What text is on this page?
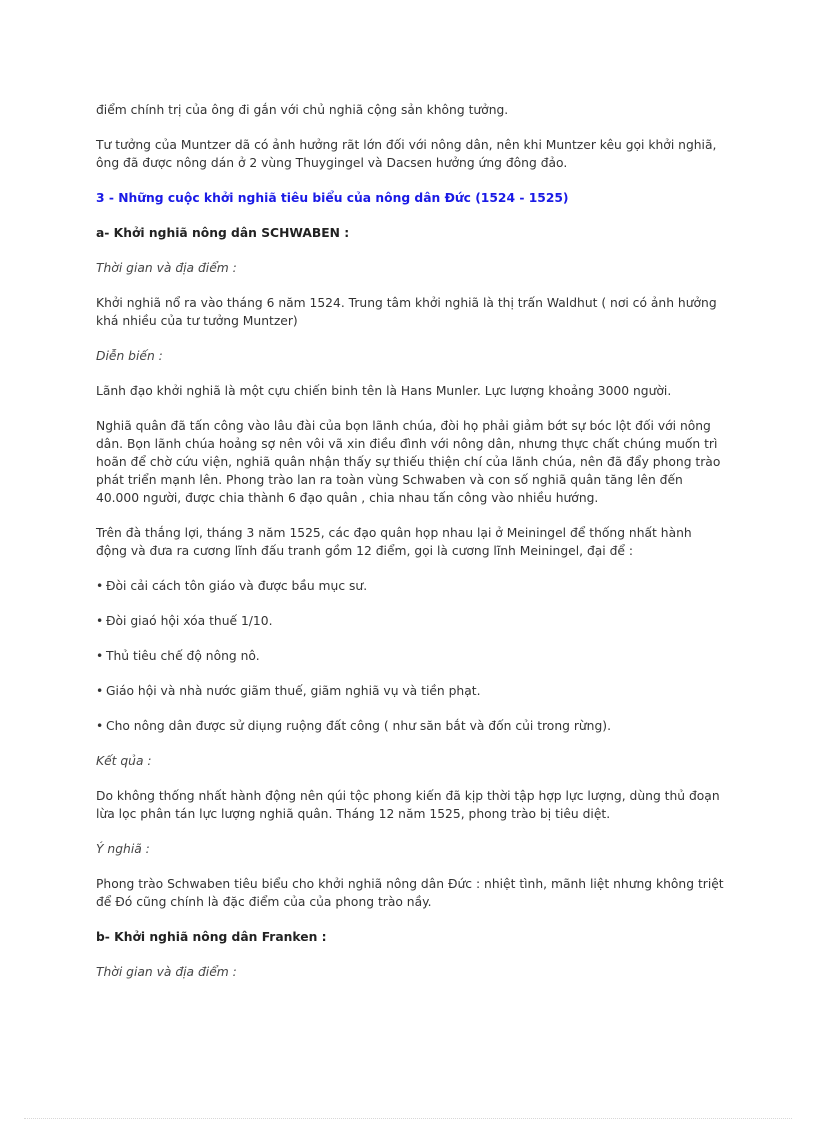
điểm chính trị của ông đi gắn với chủ nghiã cộng sản không tưởng.

Tư tưởng của Muntzer dã có ảnh hưởng rãt lớn đối với nông dân, nên khi Muntzer kêu gọi khởi nghiã, ông đã được nông dán ở 2 vùng Thuygingel và Dacsen hưởng ứng đông đảo.

3 - Những cuộc khởi nghiã tiêu biểu của nông dân Đức (1524 - 1525)

a- Khởi nghiã nông dân SCHWABEN :

Thời gian và địa điểm :

Khởi nghiã nổ ra vào tháng 6 năm 1524. Trung tâm khởi nghiã là thị trấn Waldhut ( nơi có ảnh hưởng khá nhiều của tư tưởng Muntzer)

Diễn biến :

Lãnh đạo khởi nghiã là một cựu chiến binh tên là Hans Munler. Lực lượng khoảng 3000 người.

Nghiã quân đã tấn công vào lâu đài của bọn lãnh chúa, đòi họ phải giảm bớt sự bóc lột đối với nông dân. Bọn lãnh chúa hoảng sợ nên vôi vã xin điều đình với nông dân, nhưng thực chất chúng muốn trì hoãn để chờ cứu viện, nghiã quân nhận thấy sự thiếu thiện chí của lãnh chúa, nên đã đẩy phong trào phát triển mạnh lên. Phong trào lan ra toàn vùng Schwaben và con số nghiã quân tăng lên đến 40.000 người, được chia thành 6 đạo quân , chia nhau tấn công vào nhiều hướng.

Trên đà thắng lợi, tháng 3 năm 1525, các đạo quân họp nhau lại ở Meiningel để thống nhất hành động và đưa ra cương lĩnh đấu tranh gồm 12 điểm, gọi là cương lĩnh Meiningel, đại để :

• Đòi cải cách tôn giáo và được bầu mục sư.

• Đòi giaó hội xóa thuế 1/10.

• Thủ tiêu chế độ nông nô.

• Giáo hội và nhà nước giãm thuế, giãm nghiã vụ và tiền phạt.

• Cho nông dân được sử diụng ruộng đất công ( như săn bắt và đốn củi trong rừng).

Kết qủa :

Do không thống nhất hành động nên qúi tộc phong kiến đã kịp thời tập hợp lực lượng, dùng thủ đoạn lừa lọc phân tán lực lượng nghiã quân. Tháng 12 năm 1525, phong trào bị tiêu diệt.

Ý nghiã :

Phong trào Schwaben tiêu biểu cho khởi nghiã nông dân Đức : nhiệt tình, mãnh liệt nhưng không triệt để Đó cũng chính là đặc điểm của của phong trào nầy.

b- Khởi nghiã nông dân Franken :

Thời gian và địa điểm :
